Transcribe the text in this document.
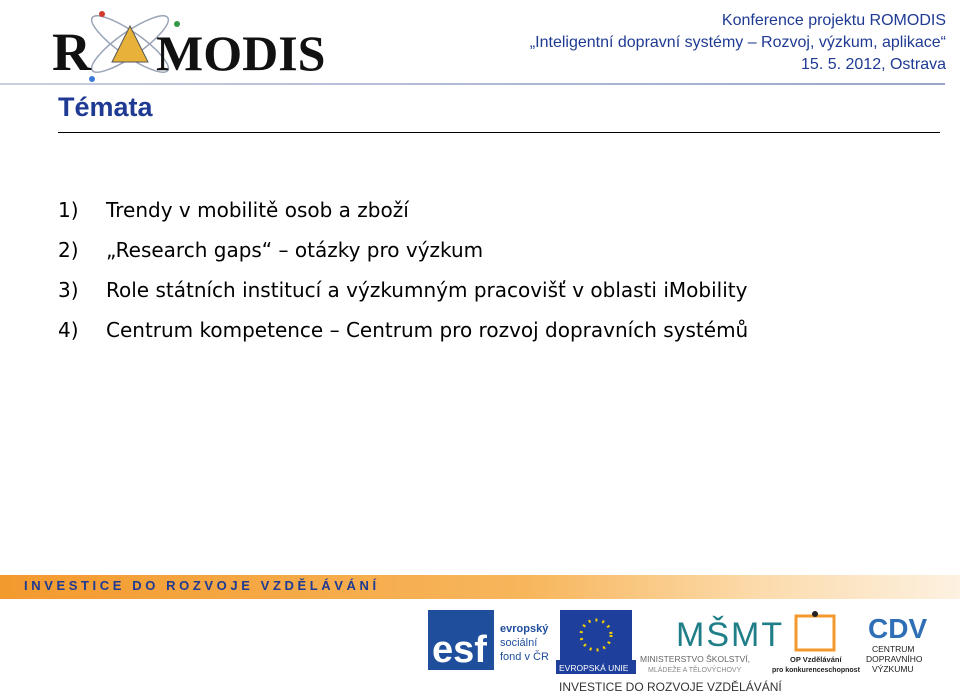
R MODIS
Konference projektu ROMODIS
„Inteligentní dopravní systémy – Rozvoj, výzkum, aplikace“
15. 5. 2012, Ostrava
Témata
1) Trendy v mobilitě osob a zboží
2) „Research gaps“ – otázky pro výzkum
3) Role státních institucí a výzkumným pracovišť v oblasti iMobility
4) Centrum kompetence – Centrum pro rozvoj dopravních systémů
INVESTICE DO ROZVOJE VZDĚLÁVÁNÍ
esf evropský
sociální
fond v ČR
EVROPSKÁ UNIE
MŠMT
MINISTERSTVO ŠKOLSTVÍ,
MLÁDEŽE A TĚLOVÝCHOVY
OP Vzdělávání
pro konkurenceschopnost
CDV
CENTRUM
DOPRAVNÍHO
VÝZKUMU
INVESTICE DO ROZVOJE VZDĚLÁVÁNÍ
